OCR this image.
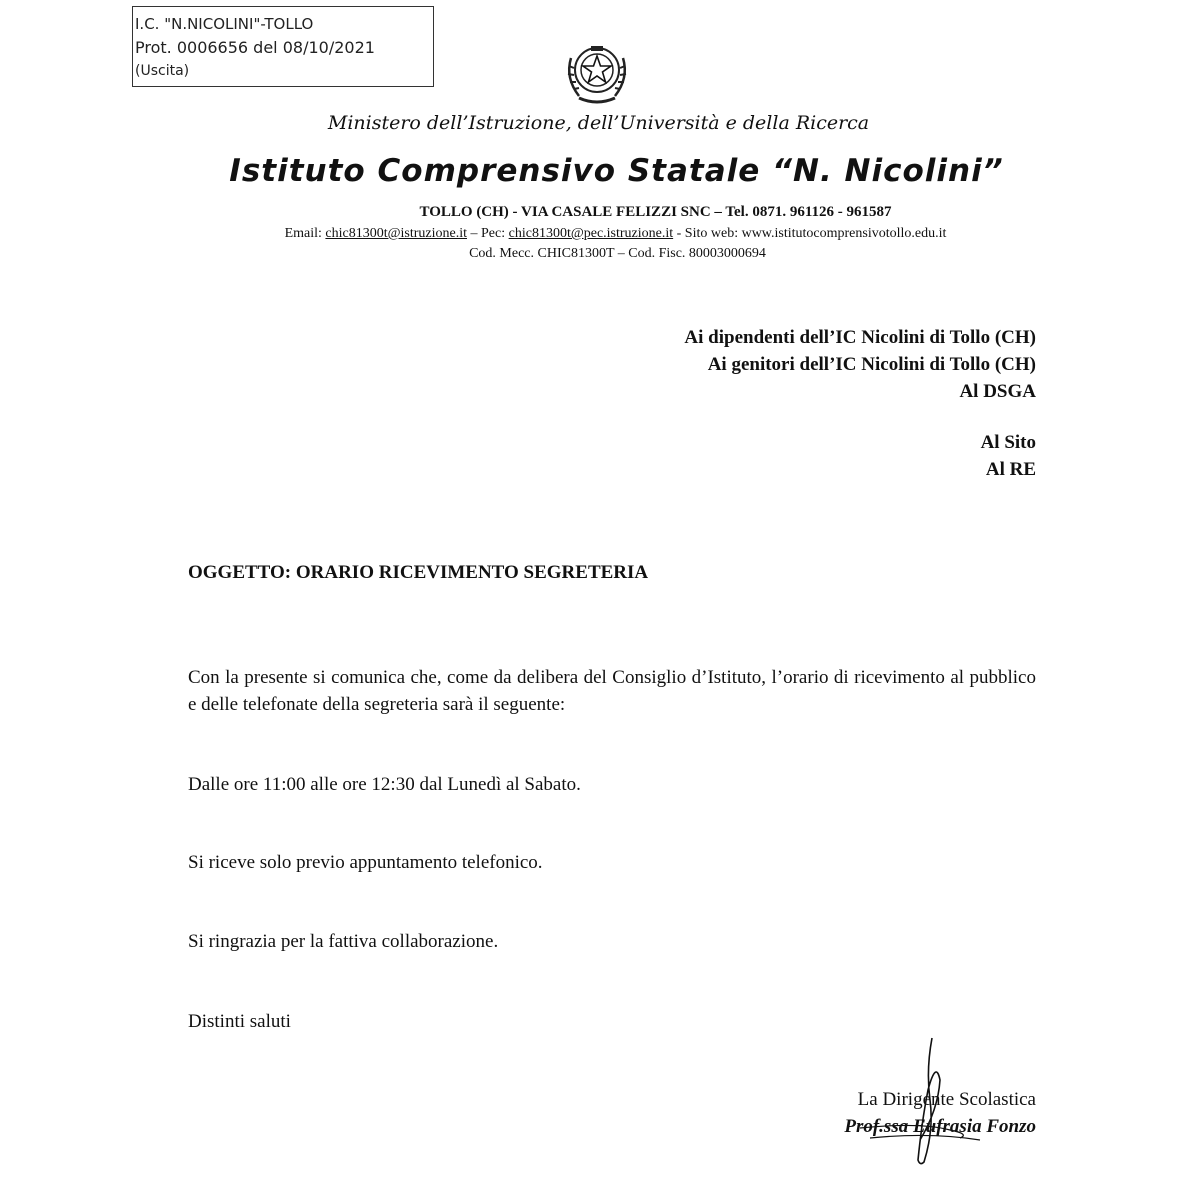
I.C. "N.NICOLINI"-TOLLO
Prot. 0006656 del 08/10/2021
(Uscita)
Ministero dell’Istruzione, dell’Università e della Ricerca
Istituto Comprensivo Statale “N. Nicolini”
TOLLO (CH) - VIA CASALE FELIZZI SNC – Tel. 0871. 961126 - 961587
Email: chic81300t@istruzione.it – Pec: chic81300t@pec.istruzione.it - Sito web: www.istitutocomprensivotollo.edu.it
Cod. Mecc. CHIC81300T – Cod. Fisc. 80003000694
Ai dipendenti dell’IC Nicolini di Tollo (CH)
Ai genitori dell’IC Nicolini di Tollo (CH)
Al DSGA
Al Sito
Al RE
OGGETTO: ORARIO RICEVIMENTO SEGRETERIA
Con la presente si comunica che, come da delibera del Consiglio d’Istituto, l’orario di ricevimento al pubblico e delle telefonate della segreteria sarà il seguente:
Dalle ore 11:00 alle ore 12:30 dal Lunedì al Sabato.
Si riceve solo previo appuntamento telefonico.
Si ringrazia per la fattiva collaborazione.
Distinti saluti
La Dirigente Scolastica
Prof.ssa Eufrasia Fonzo
